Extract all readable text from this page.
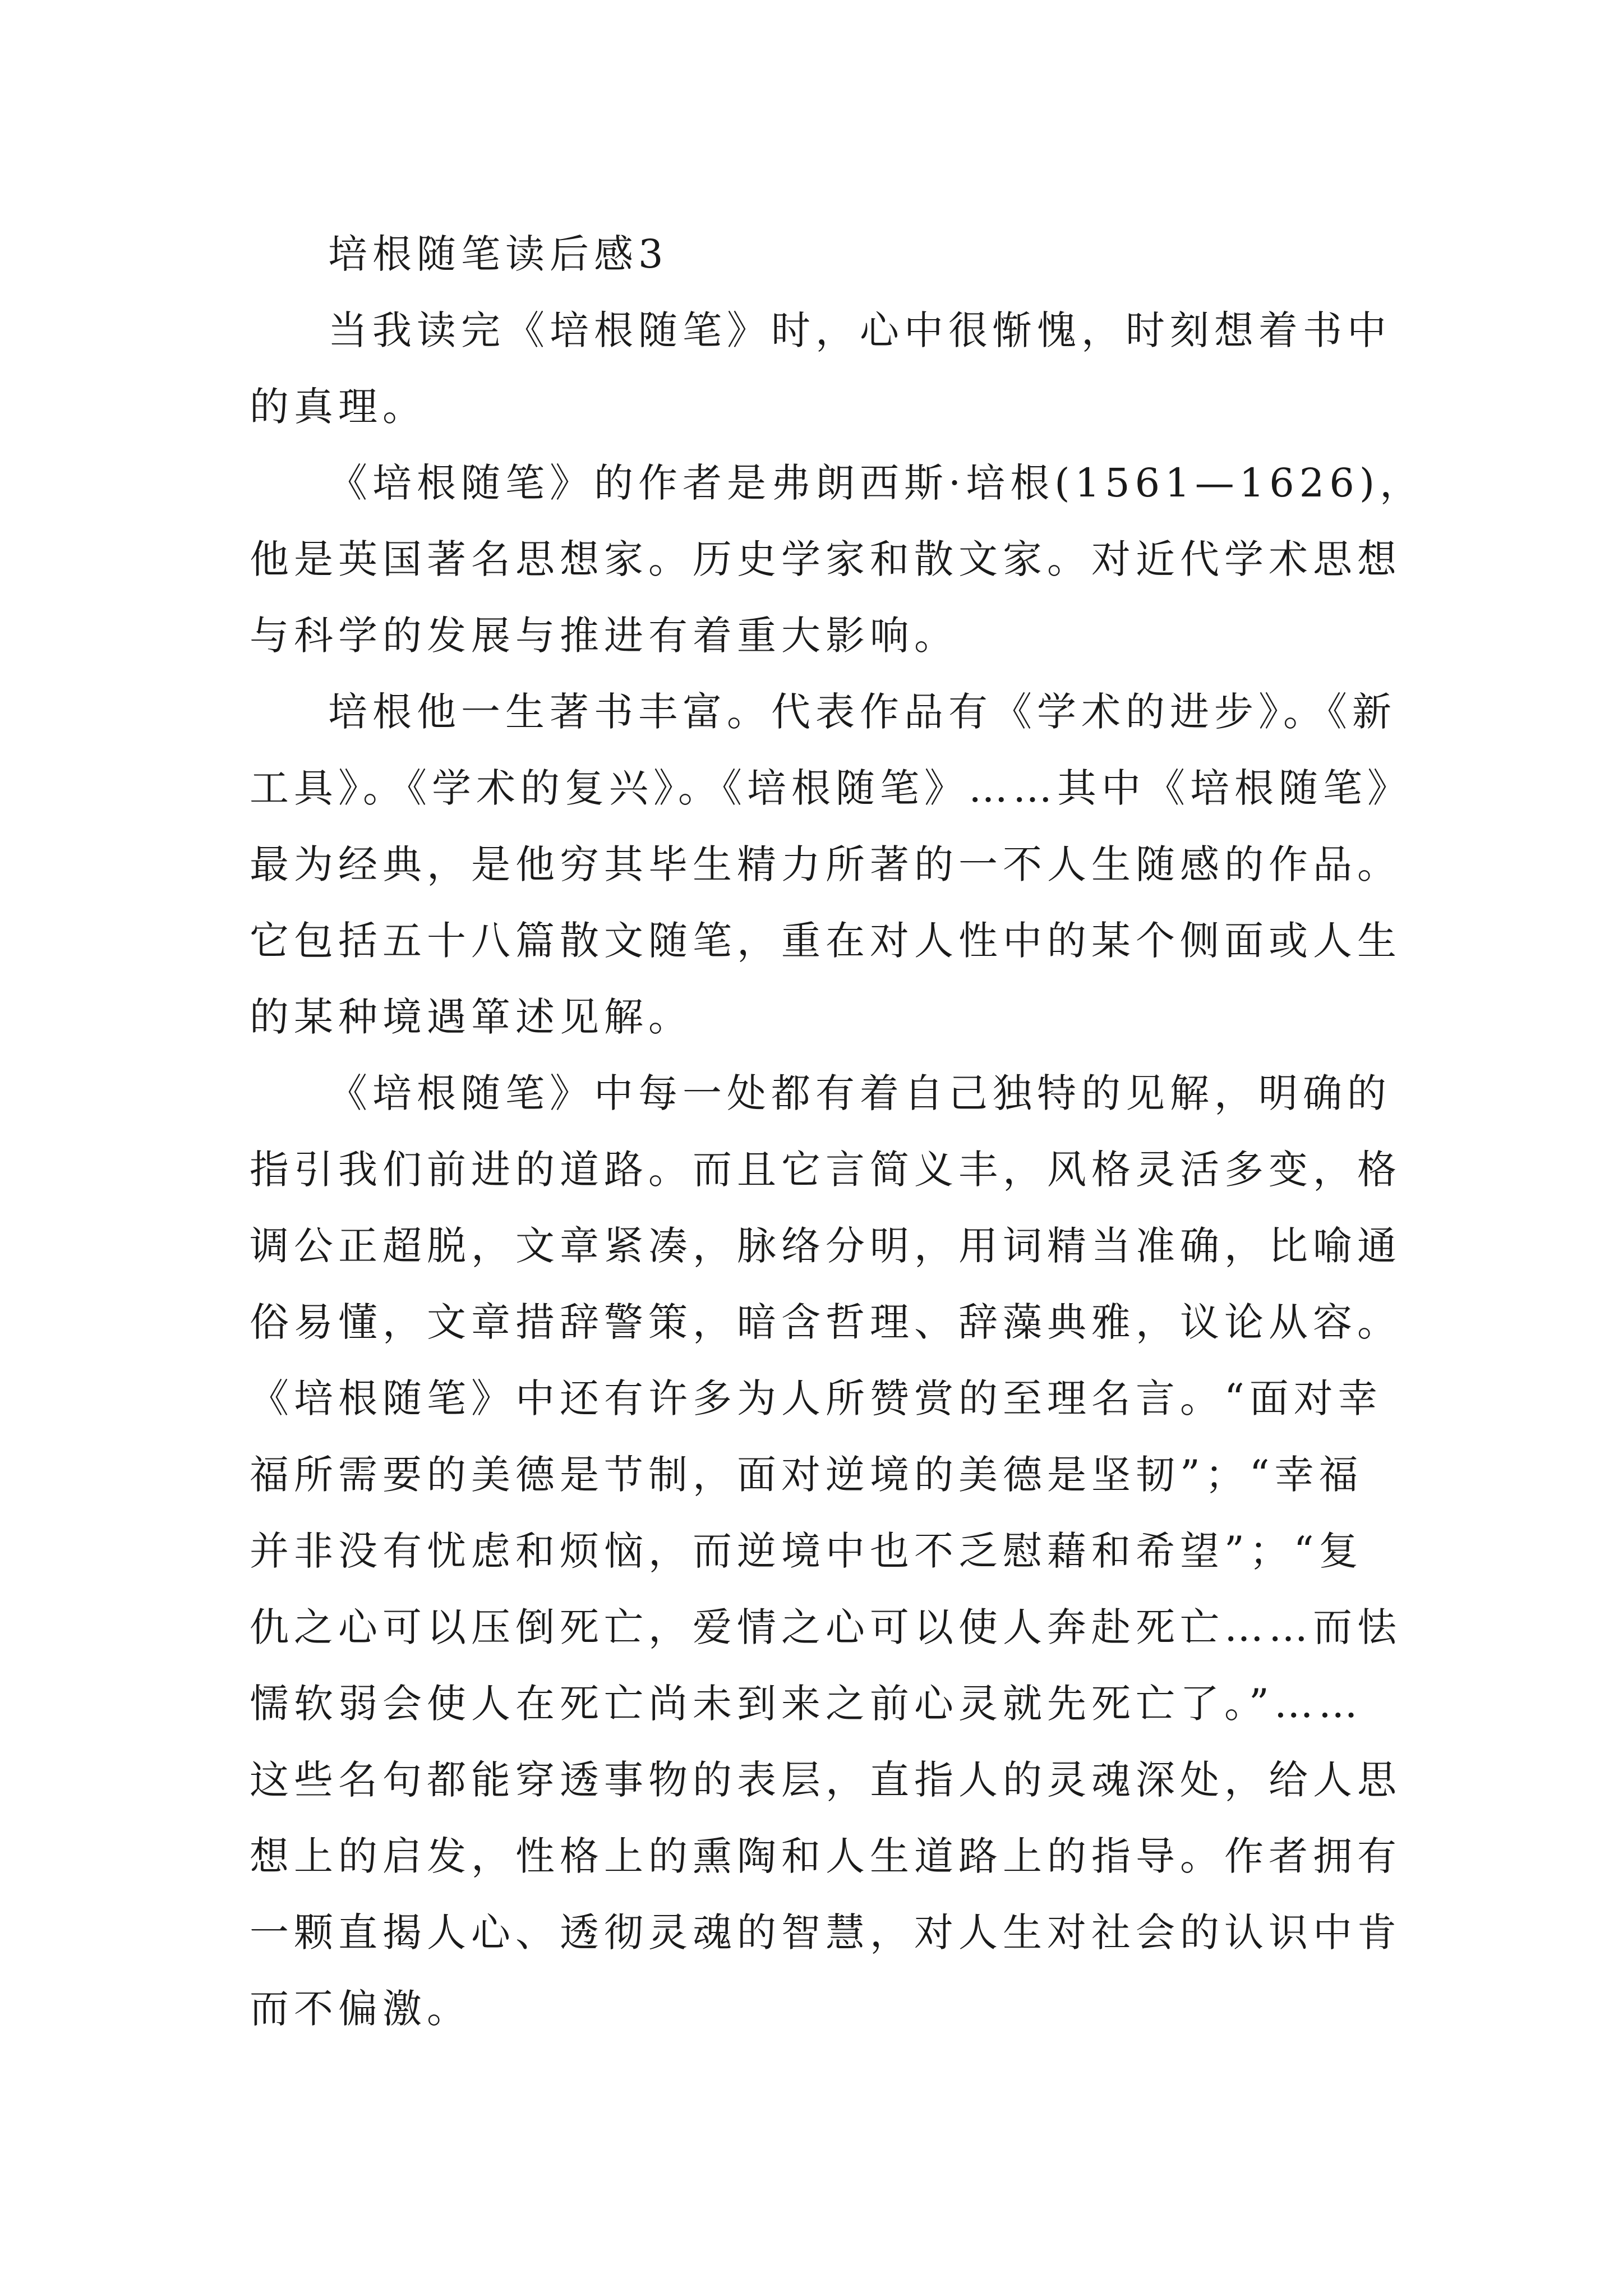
培根随笔读后感3

当我读完《培根随笔》时，心中很惭愧，时刻想着书中
的真理。

《培根随笔》的作者是弗朗西斯·培根(1561—1626)，
他是英国著名思想家。历史学家和散文家。对近代学术思想
与科学的发展与推进有着重大影响。

培根他一生著书丰富。代表作品有《学术的进步》。《新
工具》。《学术的复兴》。《培根随笔》……其中《培根随笔》
最为经典，是他穷其毕生精力所著的一不人生随感的作品。
它包括五十八篇散文随笔，重在对人性中的某个侧面或人生
的某种境遇箪述见解。

《培根随笔》中每一处都有着自己独特的见解，明确的
指引我们前进的道路。而且它言简义丰，风格灵活多变，格
调公正超脱，文章紧凑，脉络分明，用词精当准确，比喻通
俗易懂，文章措辞警策，暗含哲理、辞藻典雅，议论从容。
《培根随笔》中还有许多为人所赞赏的至理名言。“面对幸
福所需要的美德是节制，面对逆境的美德是坚韧”；“幸福
并非没有忧虑和烦恼，而逆境中也不乏慰藉和希望”；“复
仇之心可以压倒死亡，爱情之心可以使人奔赴死亡……而怯
懦软弱会使人在死亡尚未到来之前心灵就先死亡了。”……
这些名句都能穿透事物的表层，直指人的灵魂深处，给人思
想上的启发，性格上的熏陶和人生道路上的指导。作者拥有
一颗直揭人心、透彻灵魂的智慧，对人生对社会的认识中肯
而不偏激。
